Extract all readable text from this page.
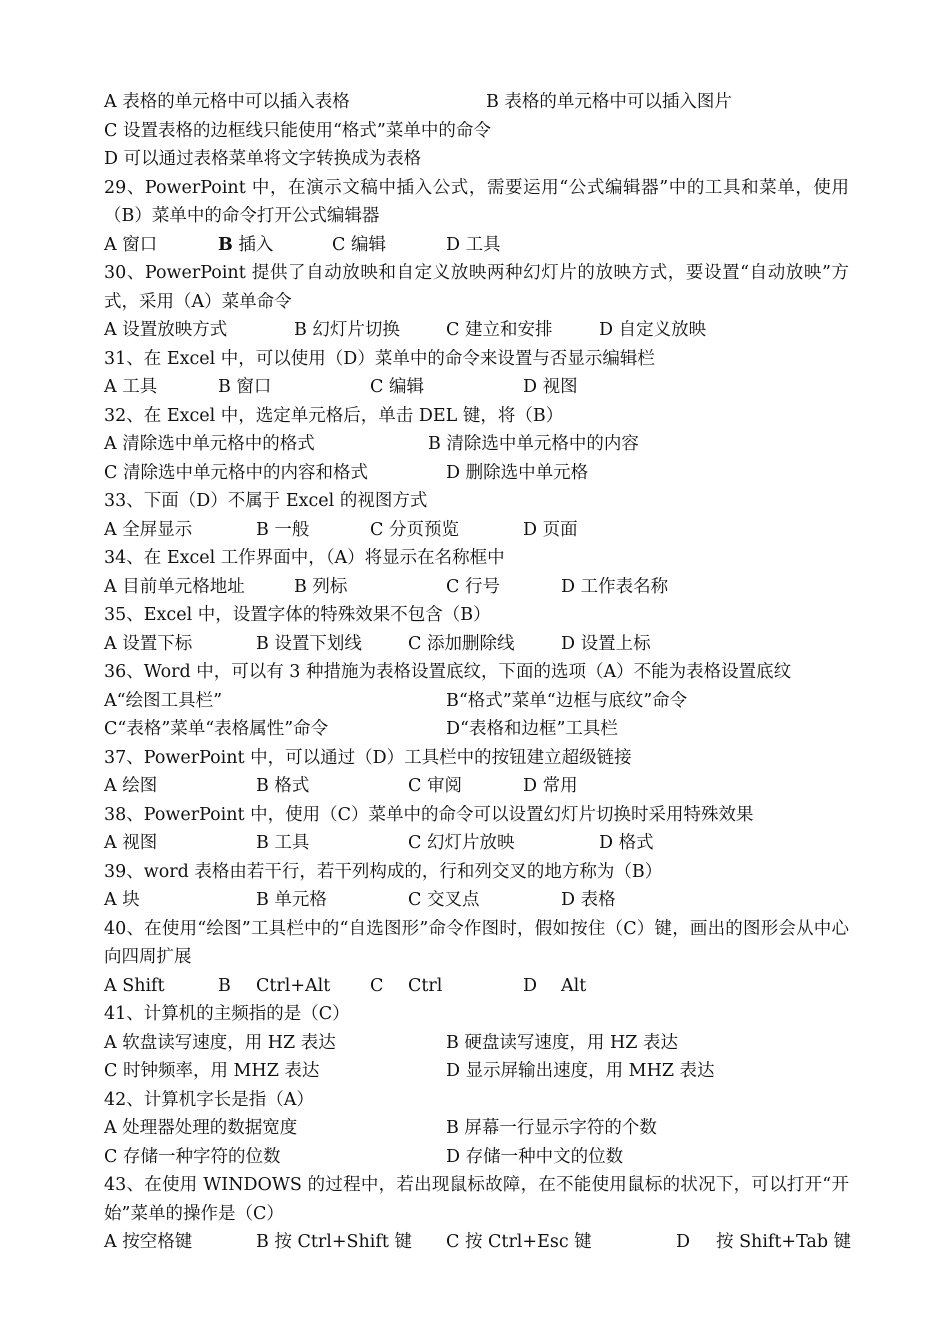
A 表格的单元格中可以插入表格	B 表格的单元格中可以插入图片
C 设置表格的边框线只能使用“格式”菜单中的命令
D 可以通过表格菜单将文字转换成为表格
29、PowerPoint 中，在演示文稿中插入公式，需要运用“公式编辑器”中的工具和菜单，使用（B）菜单中的命令打开公式编辑器
A 窗口	B 插入	C 编辑	D 工具
30、PowerPoint 提供了自动放映和自定义放映两种幻灯片的放映方式，要设置“自动放映”方式，采用（A）菜单命令
A 设置放映方式	B 幻灯片切换	C 建立和安排	D 自定义放映
31、在 Excel 中，可以使用（D）菜单中的命令来设置与否显示编辑栏
A 工具	B 窗口	C 编辑	D 视图
32、在 Excel 中，选定单元格后，单击 DEL 键，将（B）
A 清除选中单元格中的格式	B 清除选中单元格中的内容
C 清除选中单元格中的内容和格式	D 删除选中单元格
33、下面（D）不属于 Excel 的视图方式
A 全屏显示	B 一般	C 分页预览	D 页面
34、在 Excel 工作界面中，（A）将显示在名称框中
A 目前单元格地址	B 列标	C 行号	D 工作表名称
35、Excel 中，设置字体的特殊效果不包含（B）
A 设置下标	B 设置下划线	C 添加删除线	D 设置上标
36、Word 中，可以有 3 种措施为表格设置底纹，下面的选项（A）不能为表格设置底纹
A“绘图工具栏”	B“格式”菜单“边框与底纹”命令
C“表格”菜单“表格属性”命令	D“表格和边框”工具栏
37、PowerPoint 中，可以通过（D）工具栏中的按钮建立超级链接
A 绘图	B 格式	C 审阅	D 常用
38、PowerPoint 中，使用（C）菜单中的命令可以设置幻灯片切换时采用特殊效果
A 视图	B 工具	C 幻灯片放映	D 格式
39、word 表格由若干行，若干列构成的，行和列交叉的地方称为（B）
A 块	B 单元格	C 交叉点	D 表格
40、在使用“绘图”工具栏中的“自选图形”命令作图时，假如按住（C）键，画出的图形会从中心向四周扩展
A Shift	B Ctrl+Alt C Ctrl	D Alt
41、计算机的主频指的是（C）
A 软盘读写速度，用 HZ 表达	B 硬盘读写速度，用 HZ 表达
C 时钟频率，用 MHZ 表达	D 显示屏输出速度，用 MHZ 表达
42、计算机字长是指（A）
A 处理器处理的数据宽度	B 屏幕一行显示字符的个数
C 存储一种字符的位数	D 存储一种中文的位数
43、在使用 WINDOWS 的过程中，若出现鼠标故障，在不能使用鼠标的状况下，可以打开“开始”菜单的操作是（C）
A 按空格键	B 按 Ctrl+Shift 键 C 按 Ctrl+Esc 键	D 按 Shift+Tab 键
